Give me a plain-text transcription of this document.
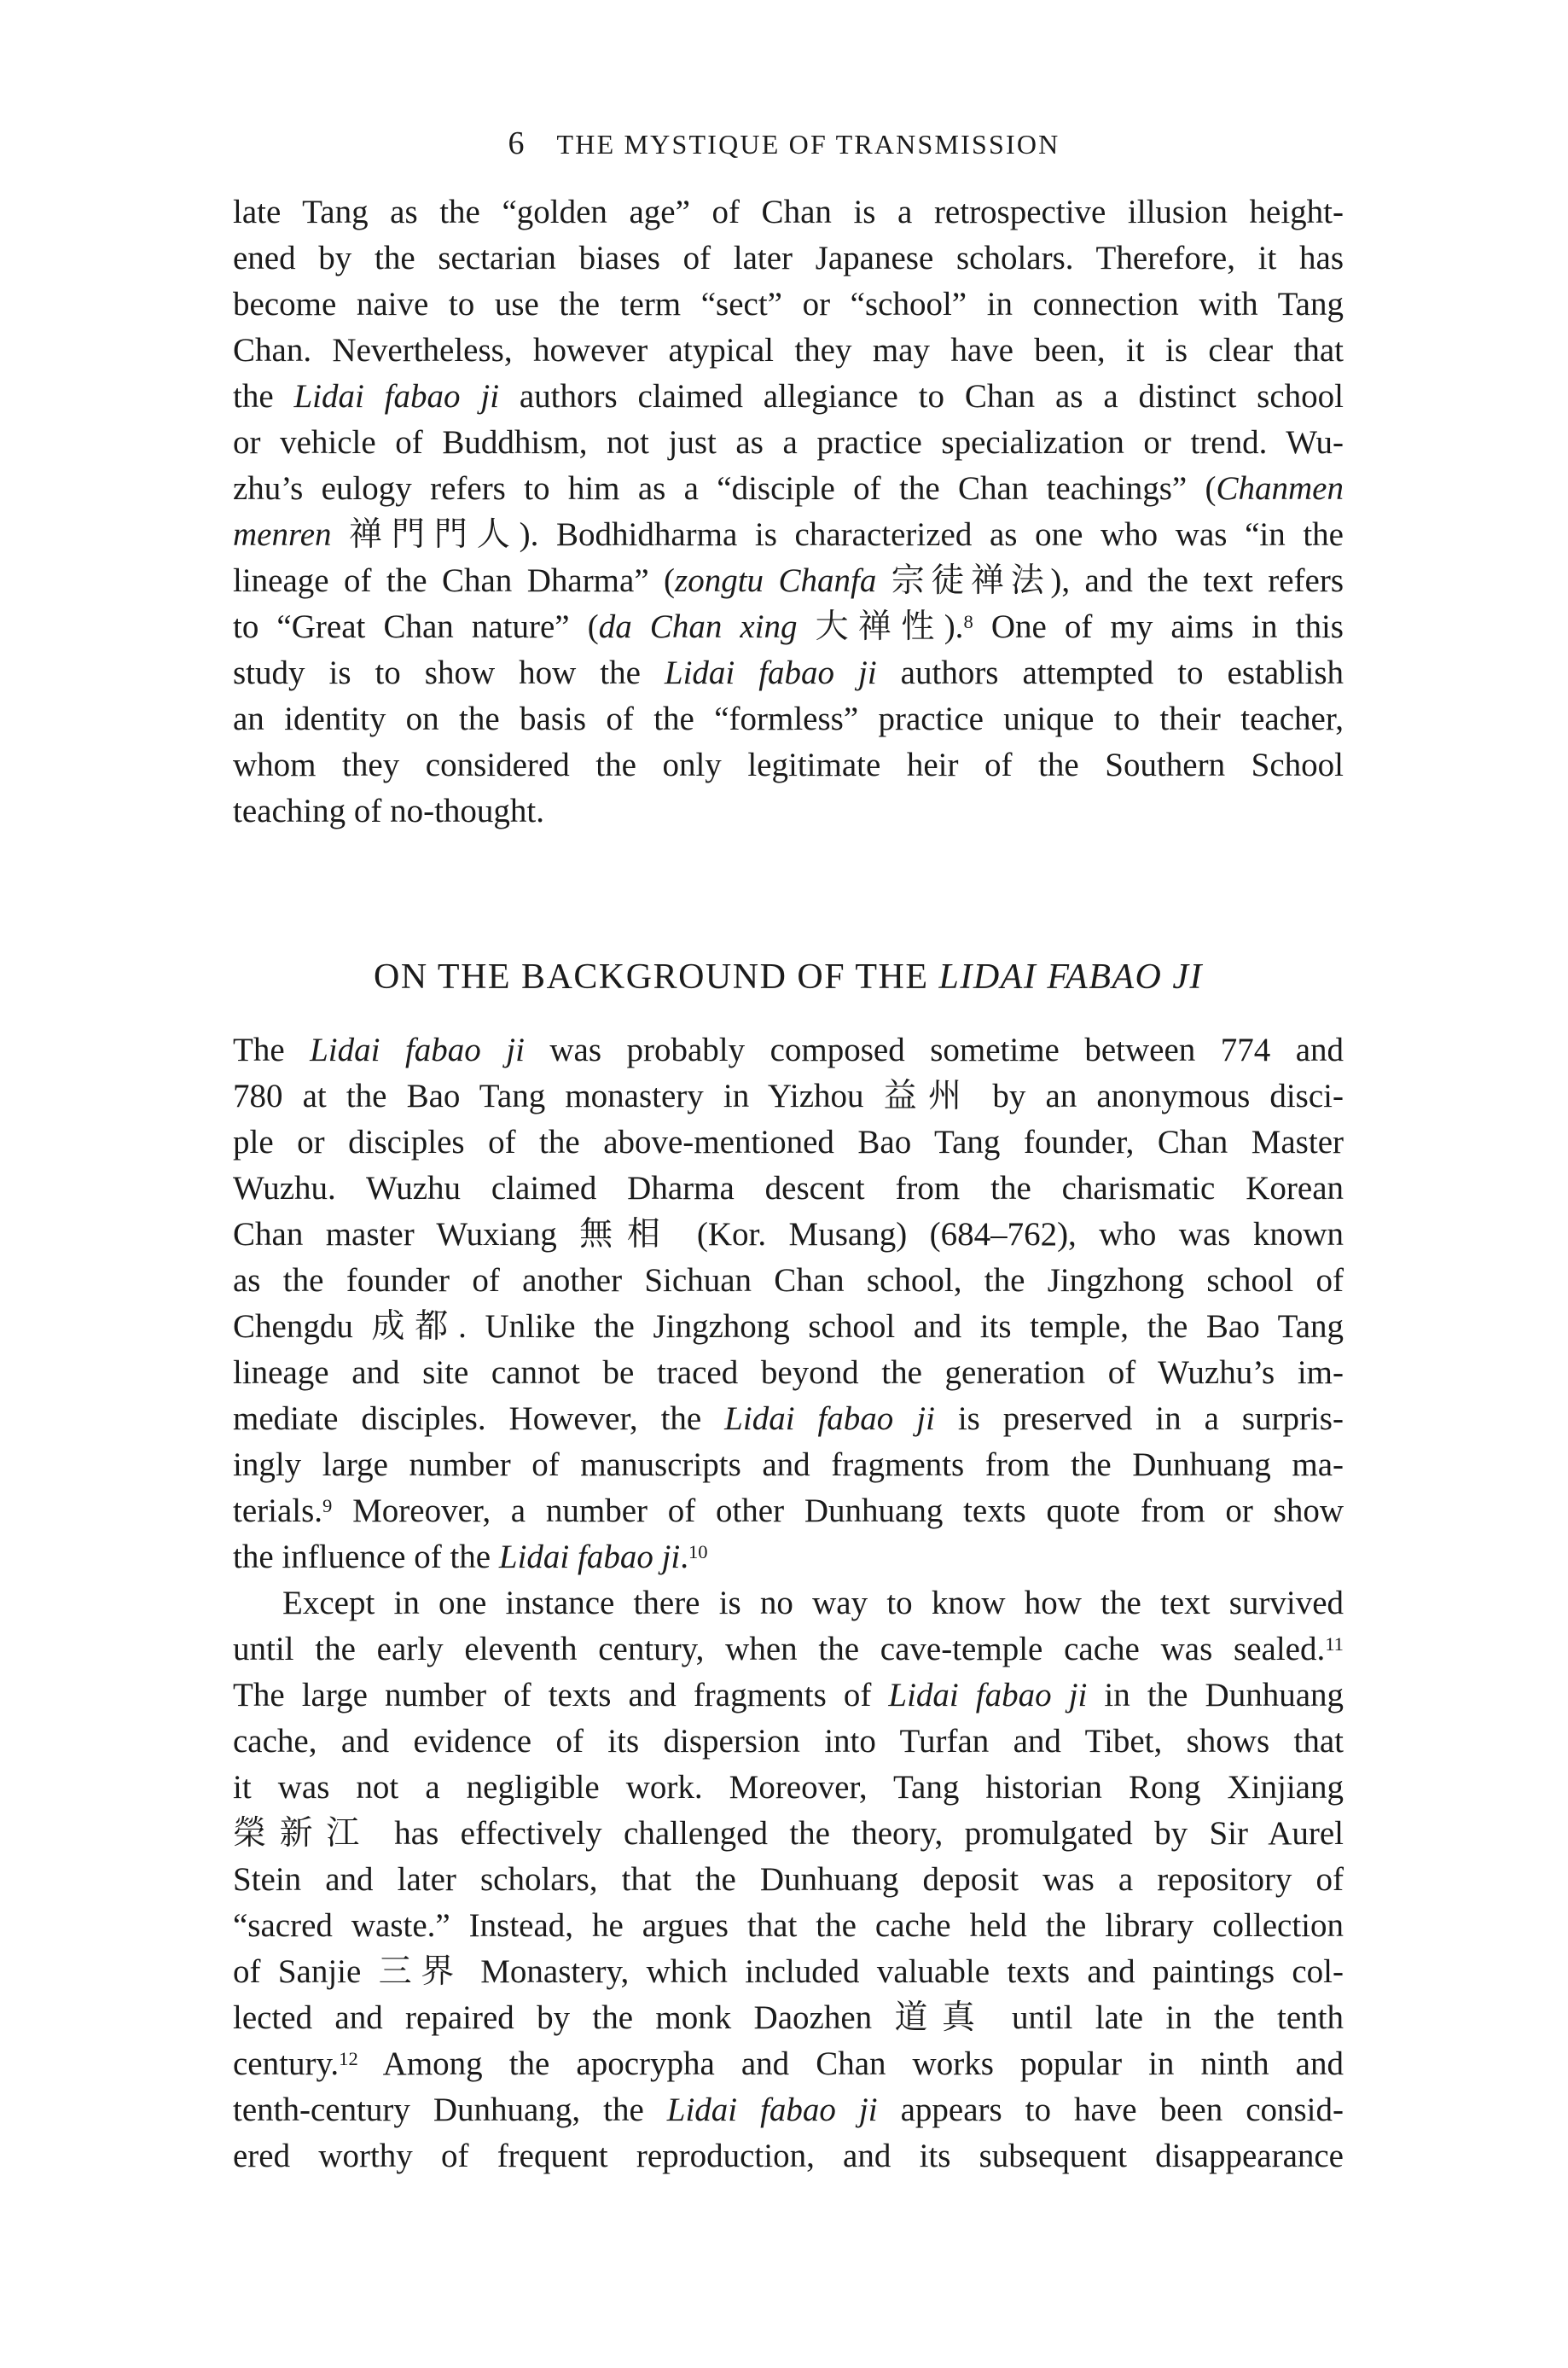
6 THE MYSTIQUE OF TRANSMISSION
late Tang as the “golden age” of Chan is a retrospective illusion height-
ened by the sectarian biases of later Japanese scholars. Therefore, it has
become naive to use the term “sect” or “school” in connection with Tang
Chan. Nevertheless, however atypical they may have been, it is clear that
the Lidai fabao ji authors claimed allegiance to Chan as a distinct school
or vehicle of Buddhism, not just as a practice specialization or trend. Wu-
zhu’s eulogy refers to him as a “disciple of the Chan teachings” (Chanmen
menren 禅門門人). Bodhidharma is characterized as one who was “in the
lineage of the Chan Dharma” (zongtu Chanfa 宗徒禅法), and the text refers
to “Great Chan nature” (da Chan xing 大禅性).$^8$ One of my aims in this
study is to show how the Lidai fabao ji authors attempted to establish
an identity on the basis of the “formless” practice unique to their teacher,
whom they considered the only legitimate heir of the Southern School
teaching of no-thought.
ON THE BACKGROUND OF THE LIDAI FABAO JI
The Lidai fabao ji was probably composed sometime between 774 and
780 at the Bao Tang monastery in Yizhou 益州 by an anonymous disci-
ple or disciples of the above-mentioned Bao Tang founder, Chan Master
Wuzhu. Wuzhu claimed Dharma descent from the charismatic Korean
Chan master Wuxiang 無相 (Kor. Musang) (684–762), who was known
as the founder of another Sichuan Chan school, the Jingzhong school of
Chengdu 成都. Unlike the Jingzhong school and its temple, the Bao Tang
lineage and site cannot be traced beyond the generation of Wuzhu’s im-
mediate disciples. However, the Lidai fabao ji is preserved in a surpris-
ingly large number of manuscripts and fragments from the Dunhuang ma-
terials.$^9$ Moreover, a number of other Dunhuang texts quote from or show
the influence of the Lidai fabao ji.$^{10}$
Except in one instance there is no way to know how the text survived
until the early eleventh century, when the cave-temple cache was sealed.$^{11}$
The large number of texts and fragments of Lidai fabao ji in the Dunhuang
cache, and evidence of its dispersion into Turfan and Tibet, shows that
it was not a negligible work. Moreover, Tang historian Rong Xinjiang
榮新江 has effectively challenged the theory, promulgated by Sir Aurel
Stein and later scholars, that the Dunhuang deposit was a repository of
“sacred waste.” Instead, he argues that the cache held the library collection
of Sanjie 三界 Monastery, which included valuable texts and paintings col-
lected and repaired by the monk Daozhen 道真 until late in the tenth
century.$^{12}$ Among the apocrypha and Chan works popular in ninth and
tenth-century Dunhuang, the Lidai fabao ji appears to have been consid-
ered worthy of frequent reproduction, and its subsequent disappearance
